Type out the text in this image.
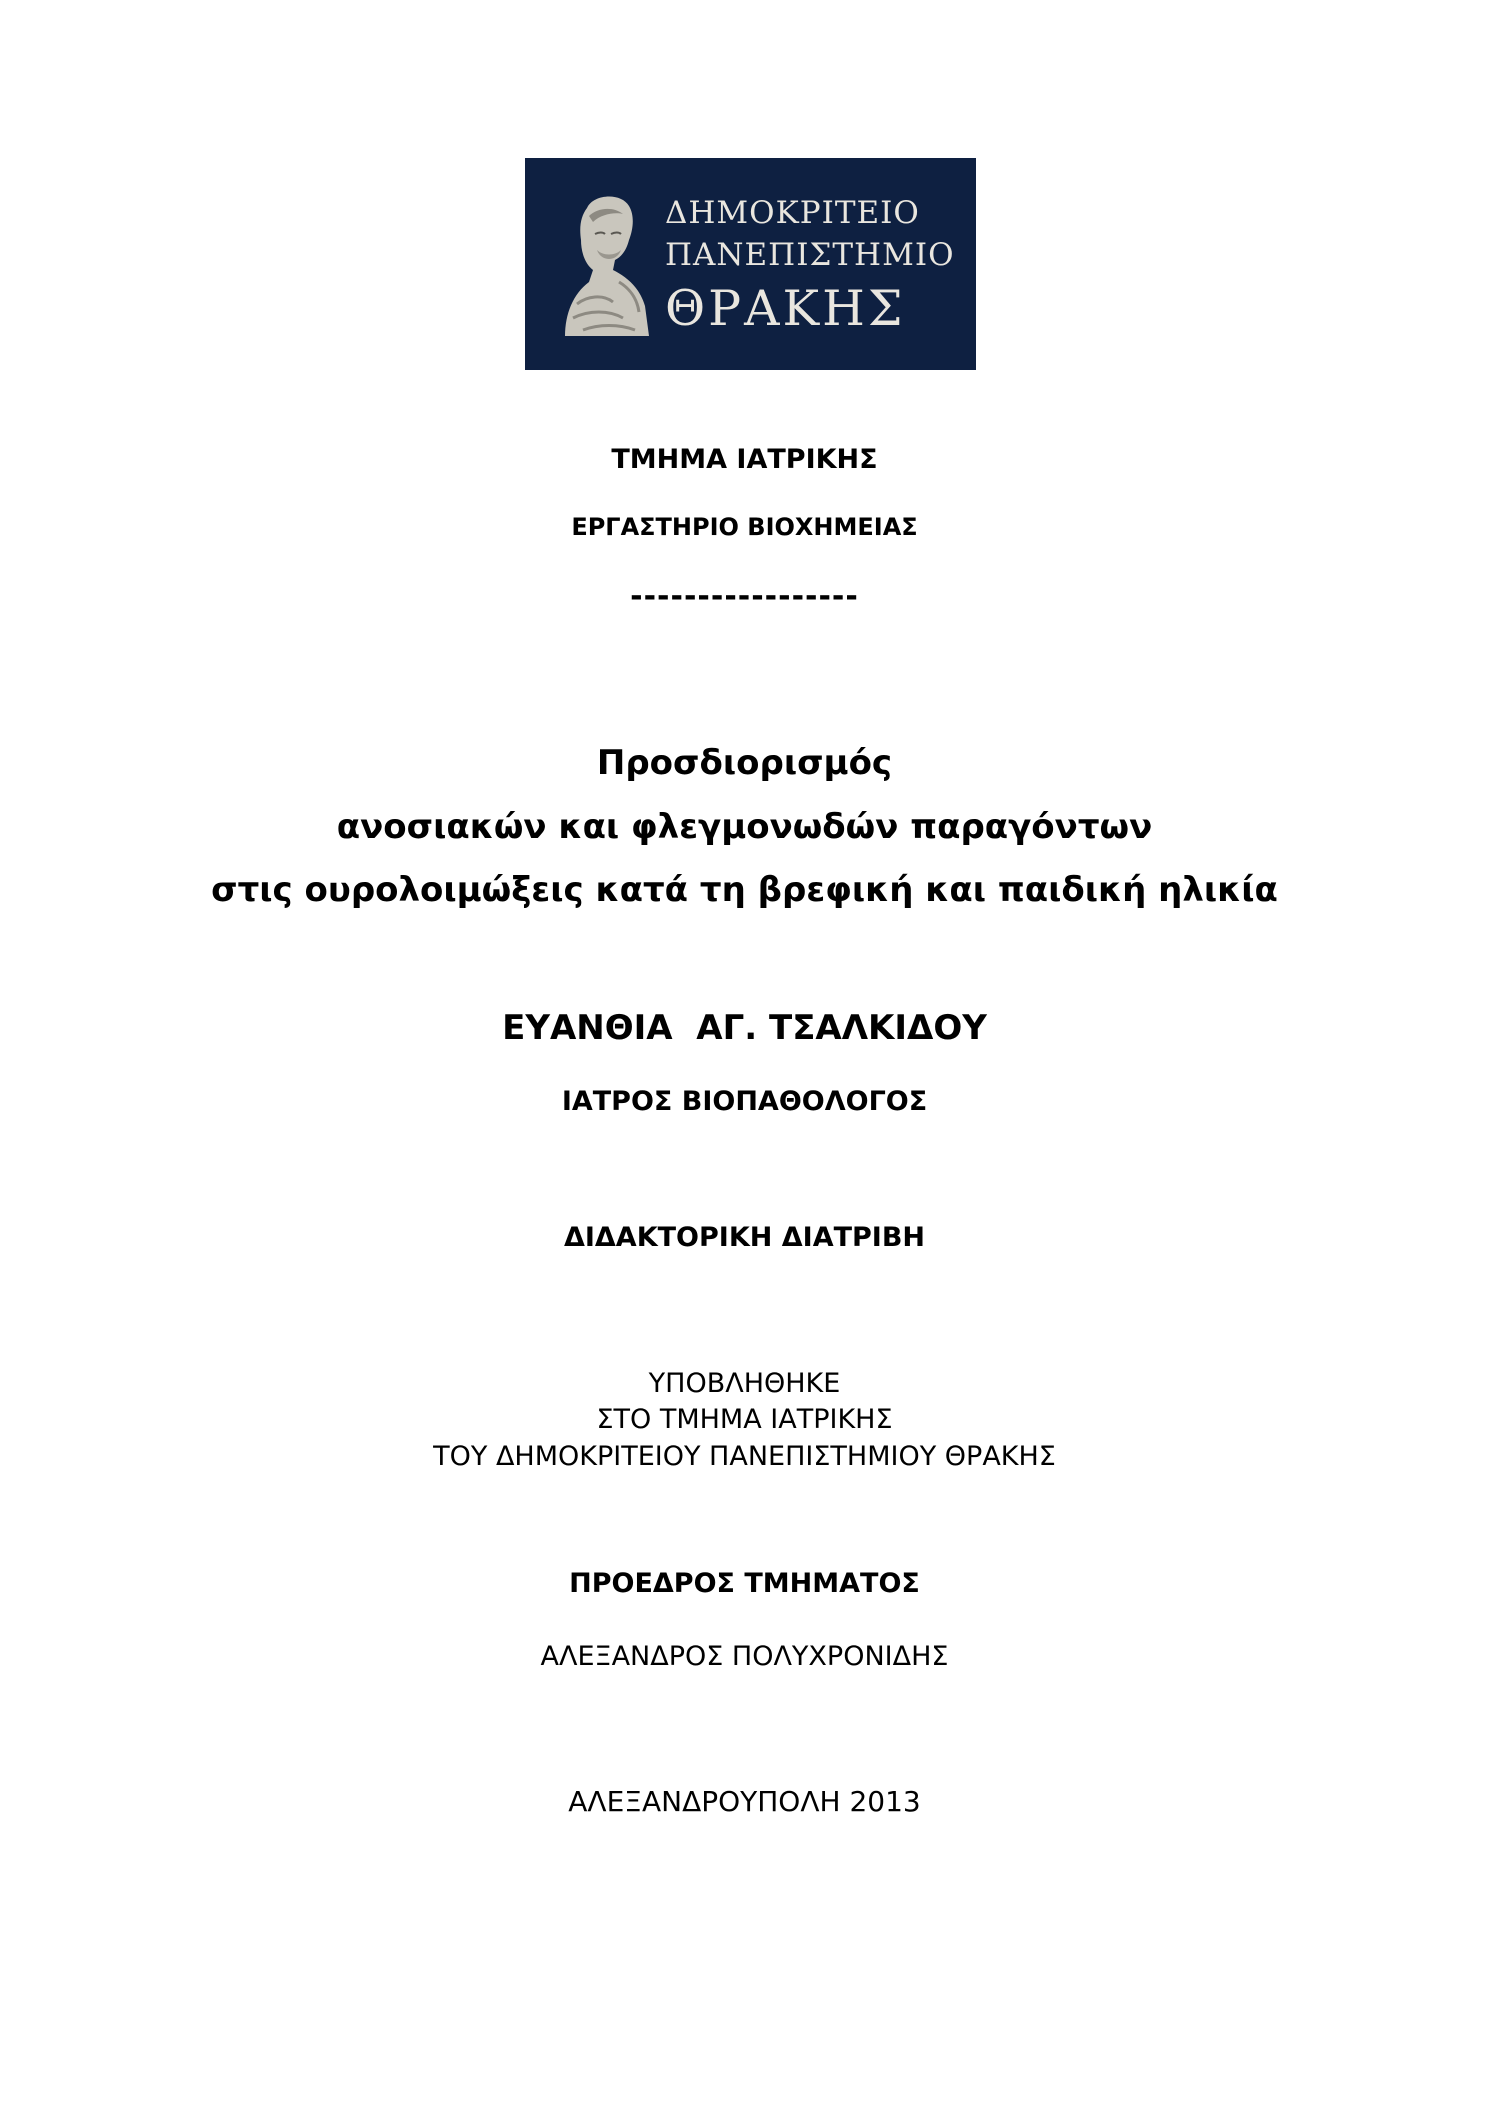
ΔΗΜΟΚΡΙΤΕΙΟ
ΠΑΝΕΠΙΣΤΗΜΙΟ
ΘΡΑΚΗΣ
ΤΜΗΜΑ ΙΑΤΡΙΚΗΣ
ΕΡΓΑΣΤΗΡΙΟ ΒΙΟΧΗΜΕΙΑΣ
-----------------
Προσδιορισμός
ανοσιακών και φλεγμονωδών παραγόντων
στις ουρολοιμώξεις κατά τη βρεφική και παιδική ηλικία
ΕΥΑΝΘΙΑ  ΑΓ. ΤΣΑΛΚΙΔΟΥ
ΙΑΤΡΟΣ ΒΙΟΠΑΘΟΛΟΓΟΣ
ΔΙΔΑΚΤΟΡΙΚΗ ΔΙΑΤΡΙΒΗ
ΥΠΟΒΛΗΘΗΚΕ
ΣΤΟ ΤΜΗΜΑ ΙΑΤΡΙΚΗΣ
ΤΟΥ ΔΗΜΟΚΡΙΤΕΙΟΥ ΠΑΝΕΠΙΣΤΗΜΙΟΥ ΘΡΑΚΗΣ
ΠΡΟΕΔΡΟΣ ΤΜΗΜΑΤΟΣ
ΑΛΕΞΑΝΔΡΟΣ ΠΟΛΥΧΡΟΝΙΔΗΣ
ΑΛΕΞΑΝΔΡΟΥΠΟΛΗ 2013
